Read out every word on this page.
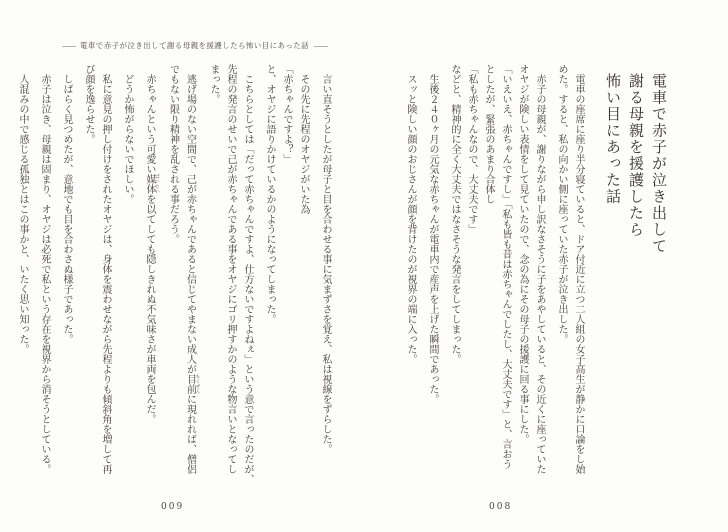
―― 電車で赤子が泣き出して謝る母親を援護したら怖い目にあった話 ――
電車で赤子が泣き出して
謝る母親を援護したら
怖い目にあった話
　電車の座席に座り半分寝ていると、ドア付近に立つ二人組の女子高生が静かに口論をし始
めた。すると、私の向かい側に座っていた赤子が泣き出した。
　赤子の母親が、謝りながら申し訳なさそうに子をあやしていると、その近くに座っていた
オヤジが険しい表情をして見ていたので、念の為にその母子の援護に回る事にした。
「いえいえ、赤ちゃんですし」「私も皆も昔は赤ちゃんでしたし、大丈夫です」と、言おう
としたが、緊張のあまり合体し
「私も赤ちゃんなので、大丈夫です」
などと、精神的に全く大丈夫ではなさそうな発言をしてしまった。
　生後２４０ヶ月の元気な赤ちゃんが電車内で産声を上げた瞬間であった。
　スッと険しい顔のおじさんが顔を背けたのが視界の端に入った。
　言い直そうとしたが母子と目を合わせる事に気まずさを覚え、私は視線をずらした。
　その先に先程のオヤジがいた為
「赤ちゃんですよ？」
と、オヤジに語りかけているかのようになってしまった。
　こちらとしては「だって赤ちゃんですよ、仕方ないですよねぇ」という意で言ったのだが、
先程の発言のせいで己が赤ちゃんである事をオヤジにゴリ押すかのような物言いとなってし
まった。
　逃げ場のない空間で、己が赤ちゃんであると信じてやまない成人が目前 もくぜんに現れれば、僧侶
でもない限り精神を乱される事だろう。
　赤ちゃんという可愛い媒体 ばいたいを以てしても隠しきれぬ不気味さが車両を包んだ。
　どうか怖がらないでほしい。
　私に意見の押し付けをされたオヤジは、身体を震わせながら先程よりも傾斜角を増して再
び顔を逸らせた。
　しばらく見つめたが、意地でも目を合わさぬ様子であった。
　赤子は泣き、母親は固まり、オヤジは必死で私という存在を視界から消そうとしている。
　人混みの中で感じる孤独とはこの事かと、いたく思い知った。
009	008
